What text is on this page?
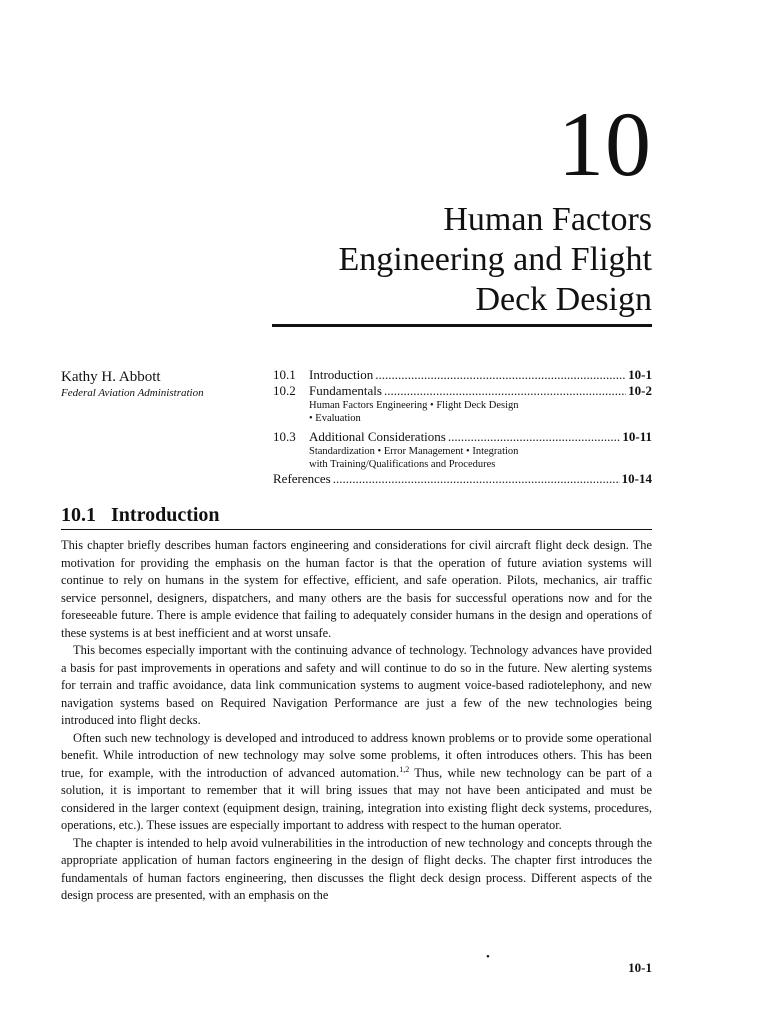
10
Human Factors
Engineering and Flight
Deck Design
Kathy H. Abbott
Federal Aviation Administration
10.1	Introduction .....	10-1
10.2	Fundamentals .....	10-2
Human Factors Engineering • Flight Deck Design
• Evaluation
10.3	Additional Considerations .....	10-11
Standardization • Error Management • Integration
with Training/Qualifications and Procedures
References .....	10-14
10.1 Introduction

This chapter briefly describes human factors engineering and considerations for civil aircraft flight deck design. The motivation for providing the emphasis on the human factor is that the operation of future aviation systems will continue to rely on humans in the system for effective, efficient, and safe operation. Pilots, mechanics, air traffic service personnel, designers, dispatchers, and many others are the basis for successful operations now and for the foreseeable future. There is ample evidence that failing to adequately consider humans in the design and operations of these systems is at best inefficient and at worst unsafe.

This becomes especially important with the continuing advance of technology. Technology advances have provided a basis for past improvements in operations and safety and will continue to do so in the future. New alerting systems for terrain and traffic avoidance, data link communication systems to augment voice-based radiotelephony, and new navigation systems based on Required Navigation Performance are just a few of the new technologies being introduced into flight decks.

Often such new technology is developed and introduced to address known problems or to provide some operational benefit. While introduction of new technology may solve some problems, it often introduces others. This has been true, for example, with the introduction of advanced automation.$^{1,2}$ Thus, while new technology can be part of a solution, it is important to remember that it will bring issues that may not have been anticipated and must be considered in the larger context (equipment design, training, integration into existing flight deck systems, procedures, operations, etc.). These issues are especially important to address with respect to the human operator.

The chapter is intended to help avoid vulnerabilities in the introduction of new technology and concepts through the appropriate application of human factors engineering in the design of flight decks. The chapter first introduces the fundamentals of human factors engineering, then discusses the flight deck design process. Different aspects of the design process are presented, with an emphasis on the

•
10-1
